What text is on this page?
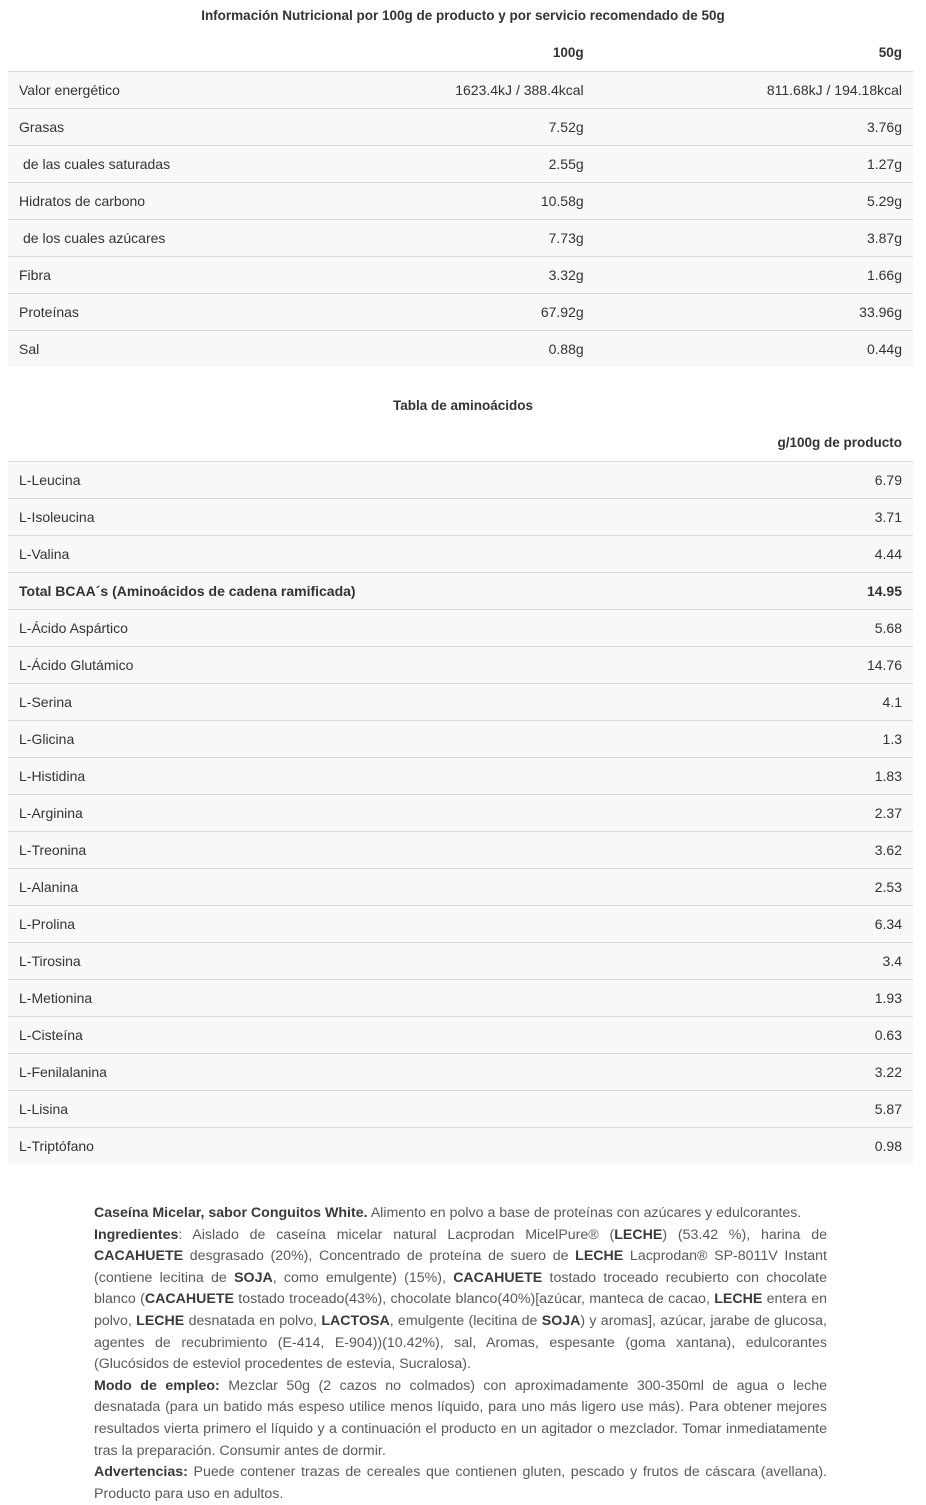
Información Nutricional por 100g de producto y por servicio recomendado de 50g
	100g	50g
Valor energético	1623.4kJ / 388.4kcal	811.68kJ / 194.18kcal
Grasas	7.52g	3.76g
de las cuales saturadas	2.55g	1.27g
Hidratos de carbono	10.58g	5.29g
de los cuales azúcares	7.73g	3.87g
Fibra	3.32g	1.66g
Proteínas	67.92g	33.96g
Sal	0.88g	0.44g
Tabla de aminoácidos
	g/100g de producto
L-Leucina	6.79
L-Isoleucina	3.71
L-Valina	4.44
Total BCAA´s (Aminoácidos de cadena ramificada)	14.95
L-Ácido Aspártico	5.68
L-Ácido Glutámico	14.76
L-Serina	4.1
L-Glicina	1.3
L-Histidina	1.83
L-Arginina	2.37
L-Treonina	3.62
L-Alanina	2.53
L-Prolina	6.34
L-Tirosina	3.4
L-Metionina	1.93
L-Cisteína	0.63
L-Fenilalanina	3.22
L-Lisina	5.87
L-Triptófano	0.98

Caseína Micelar, sabor Conguitos White. Alimento en polvo a base de proteínas con azúcares y edulcorantes.

Ingredientes: Aislado de caseína micelar natural Lacprodan MicelPure® (LECHE) (53.42 %), harina de CACAHUETE desgrasado (20%), Concentrado de proteína de suero de LECHE Lacprodan® SP-8011V Instant (contiene lecitina de SOJA, como emulgente) (15%), CACAHUETE tostado troceado recubierto con chocolate blanco (CACAHUETE tostado troceado(43%), chocolate blanco(40%)[azúcar, manteca de cacao, LECHE entera en polvo, LECHE desnatada en polvo, LACTOSA, emulgente (lecitina de SOJA) y aromas], azúcar, jarabe de glucosa, agentes de recubrimiento (E-414, E-904))(10.42%), sal, Aromas, espesante (goma xantana), edulcorantes (Glucósidos de esteviol procedentes de estevia, Sucralosa).

Modo de empleo: Mezclar 50g (2 cazos no colmados) con aproximadamente 300-350ml de agua o leche desnatada (para un batido más espeso utilice menos líquido, para uno más ligero use más). Para obtener mejores resultados vierta primero el líquido y a continuación el producto en un agitador o mezclador. Tomar inmediatamente tras la preparación. Consumir antes de dormir.

Advertencias: Puede contener trazas de cereales que contienen gluten, pescado y frutos de cáscara (avellana). Producto para uso en adultos.
